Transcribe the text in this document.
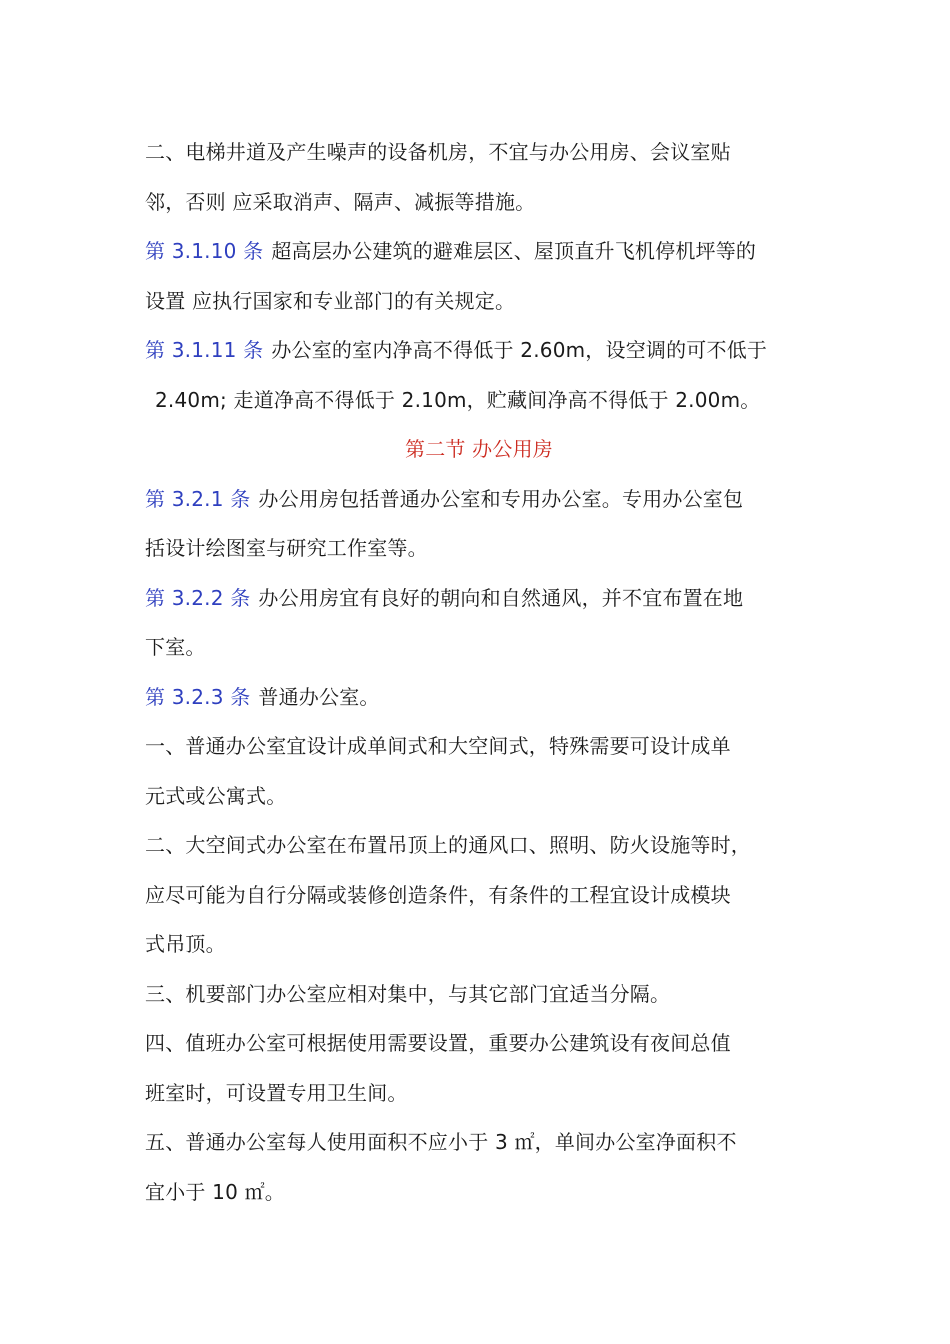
二、电梯井道及产生噪声的设备机房，不宜与办公用房、会议室贴
邻，否则 应采取消声、隔声、减振等措施。
第 3.1.10 条 超高层办公建筑的避难层区、屋顶直升飞机停机坪等的
设置 应执行国家和专业部门的有关规定。
第 3.1.11 条 办公室的室内净高不得低于 2.60m，设空调的可不低于
2.40m; 走道净高不得低于 2.10m，贮藏间净高不得低于 2.00m。
第二节 办公用房
第 3.2.1 条 办公用房包括普通办公室和专用办公室。专用办公室包
括设计绘图室与研究工作室等。
第 3.2.2 条 办公用房宜有良好的朝向和自然通风，并不宜布置在地
下室。
第 3.2.3 条 普通办公室。
一、普通办公室宜设计成单间式和大空间式，特殊需要可设计成单
元式或公寓式。
二、大空间式办公室在布置吊顶上的通风口、照明、防火设施等时，
应尽可能为自行分隔或装修创造条件，有条件的工程宜设计成模块
式吊顶。
三、机要部门办公室应相对集中，与其它部门宜适当分隔。
四、值班办公室可根据使用需要设置，重要办公建筑设有夜间总值
班室时，可设置专用卫生间。
五、普通办公室每人使用面积不应小于 3 ㎡，单间办公室净面积不
宜小于 10 ㎡。
